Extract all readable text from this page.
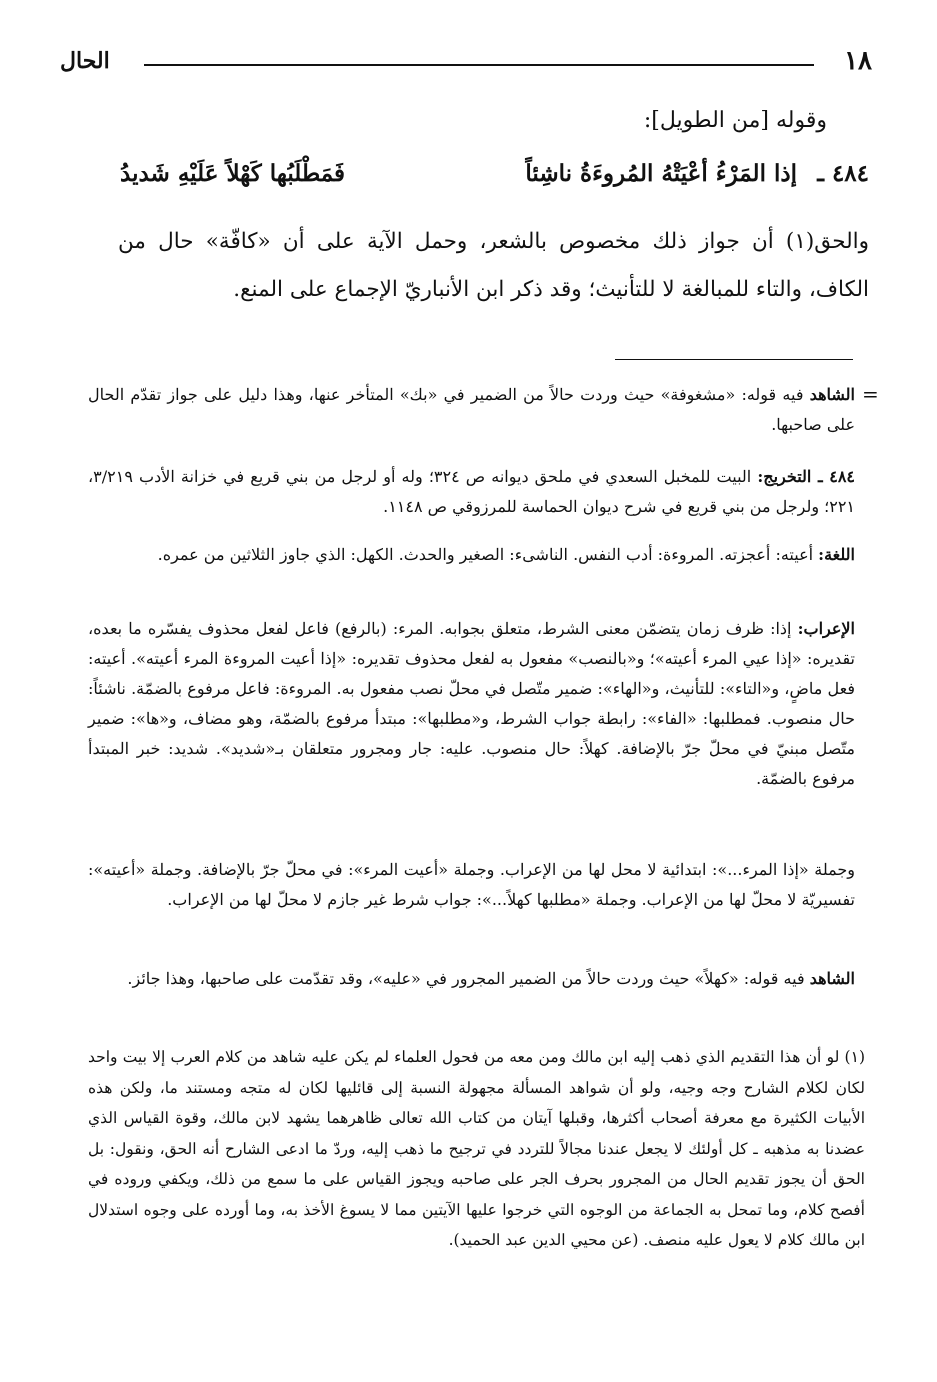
١٨
الحال
وقوله [من الطويل]:
٤٨٤ ـ
إذا المَرْءُ أعْيَتْهُ المُروءَةُ ناشِئاً
فَمَطْلَبُها كَهْلاً عَلَيْهِ شَديدُ

والحق(١) أن جواز ذلك مخصوص بالشعر، وحمل الآية على أن «كافّة» حال من الكاف، والتاء للمبالغة لا للتأنيث؛ وقد ذكر ابن الأنباريّ الإجماع على المنع.

=
الشاهد فيه قوله: «مشغوفة» حيث وردت حالاً من الضمير في «بك» المتأخر عنها، وهذا دليل على جواز تقدّم الحال على صاحبها.
٤٨٤ ـ التخريج: البيت للمخبل السعدي في ملحق ديوانه ص ٣٢٤؛ وله أو لرجل من بني قريع في خزانة الأدب ٣/٢١٩، ٢٢١؛ ولرجل من بني قريع في شرح ديوان الحماسة للمرزوقي ص ١١٤٨.
اللغة: أعيته: أعجزته. المروءة: أدب النفس. الناشىء: الصغير والحدث. الكهل: الذي جاوز الثلاثين من عمره.
الإعراب: إذا: ظرف زمان يتضمّن معنى الشرط، متعلق بجوابه. المرء: (بالرفع) فاعل لفعل محذوف يفسّره ما بعده، تقديره: «إذا عيي المرء أعيته»؛ و«بالنصب» مفعول به لفعل محذوف تقديره: «إذا أعيت المروءة المرء أعيته». أعيته: فعل ماضٍ، و«التاء»: للتأنيث، و«الهاء»: ضمير متّصل في محلّ نصب مفعول به. المروءة: فاعل مرفوع بالضمّة. ناشئاً: حال منصوب. فمطلبها: «الفاء»: رابطة جواب الشرط، و«مطلبها»: مبتدأ مرفوع بالضمّة، وهو مضاف، و«ها»: ضمير متّصل مبنيّ في محلّ جرّ بالإضافة. كهلاً: حال منصوب. عليه: جار ومجرور متعلقان بـ«شديد». شديد: خبر المبتدأ مرفوع بالضمّة.
وجملة «إذا المرء...»: ابتدائية لا محل لها من الإعراب. وجملة «أعيت المرء»: في محلّ جرّ بالإضافة. وجملة «أعيته»: تفسيريّة لا محلّ لها من الإعراب. وجملة «مطلبها كهلاً...»: جواب شرط غير جازم لا محلّ لها من الإعراب.
الشاهد فيه قوله: «كهلاً» حيث وردت حالاً من الضمير المجرور في «عليه»، وقد تقدّمت على صاحبها، وهذا جائز.
(١) لو أن هذا التقديم الذي ذهب إليه ابن مالك ومن معه من فحول العلماء لم يكن عليه شاهد من كلام العرب إلا بيت واحد لكان لكلام الشارح وجه وجيه، ولو أن شواهد المسألة مجهولة النسبة إلى قائليها لكان له متجه ومستند ما، ولكن هذه الأبيات الكثيرة مع معرفة أصحاب أكثرها، وقبلها آيتان من كتاب الله تعالى ظاهرهما يشهد لابن مالك، وقوة القياس الذي عضدنا به مذهبه ـ كل أولئك لا يجعل عندنا مجالاً للتردد في ترجيح ما ذهب إليه، وردّ ما ادعى الشارح أنه الحق، ونقول: بل الحق أن يجوز تقديم الحال من المجرور بحرف الجر على صاحبه ويجوز القياس على ما سمع من ذلك، ويكفي وروده في أفصح كلام، وما تمحل به الجماعة من الوجوه التي خرجوا عليها الآيتين مما لا يسوغ الأخذ به، وما أورده على وجوه استدلال ابن مالك كلام لا يعول عليه منصف. (عن محيي الدين عبد الحميد).
